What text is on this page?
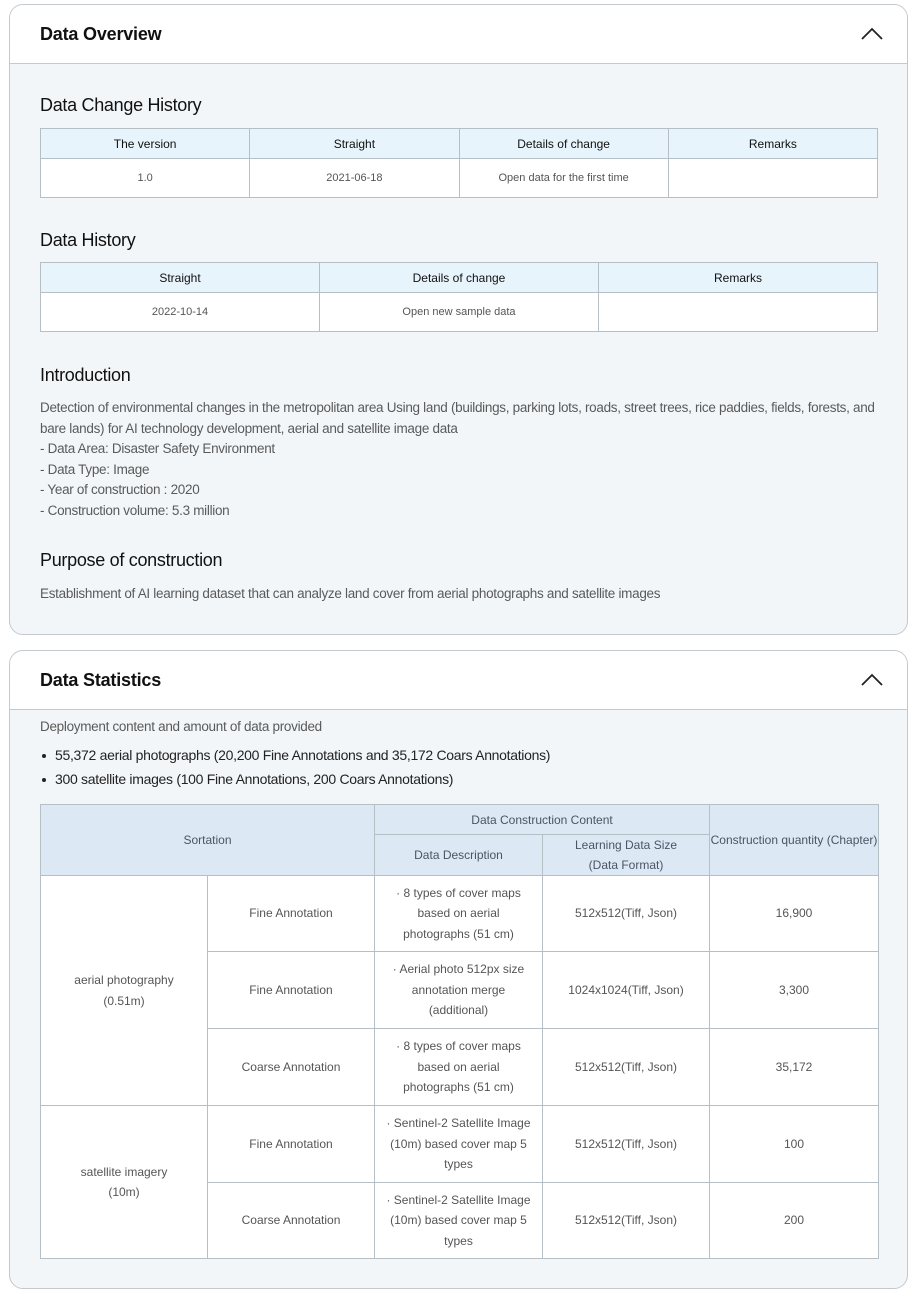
Data Overview
Data Change History
The version	Straight	Details of change	Remarks
1.0	2021-06-18	Open data for the first time	
Data History
Straight	Details of change	Remarks
2022-10-14	Open new sample data	
Introduction
Detection of environmental changes in the metropolitan area Using land (buildings, parking lots, roads, street trees, rice paddies, fields, forests, and bare lands) for AI technology development, aerial and satellite image data
- Data Area: Disaster Safety Environment
- Data Type: Image
- Year of construction : 2020
- Construction volume: 5.3 million
Purpose of construction
Establishment of AI learning dataset that can analyze land cover from aerial photographs and satellite images
Data Statistics
Deployment content and amount of data provided
55,372 aerial photographs (20,200 Fine Annotations and 35,172 Coars Annotations)
300 satellite images (100 Fine Annotations, 200 Coars Annotations)
Sortation		Data Construction Content		Construction quantity (Chapter)
		Data Description	Learning Data Size
(Data Format)	

aerial photography
(0.51m)	Fine Annotation	· 8 types of cover maps based on aerial photographs (51 cm)	512x512(Tiff, Json)	16,900
	Fine Annotation	· Aerial photo 512px size annotation merge (additional)	1024x1024(Tiff, Json)	3,300
	Coarse Annotation	· 8 types of cover maps based on aerial photographs (51 cm)	512x512(Tiff, Json)	35,172

satellite imagery
(10m)	Fine Annotation	· Sentinel-2 Satellite Image (10m) based cover map 5 types	512x512(Tiff, Json)	100
	Coarse Annotation	· Sentinel-2 Satellite Image (10m) based cover map 5 types	512x512(Tiff, Json)	200
